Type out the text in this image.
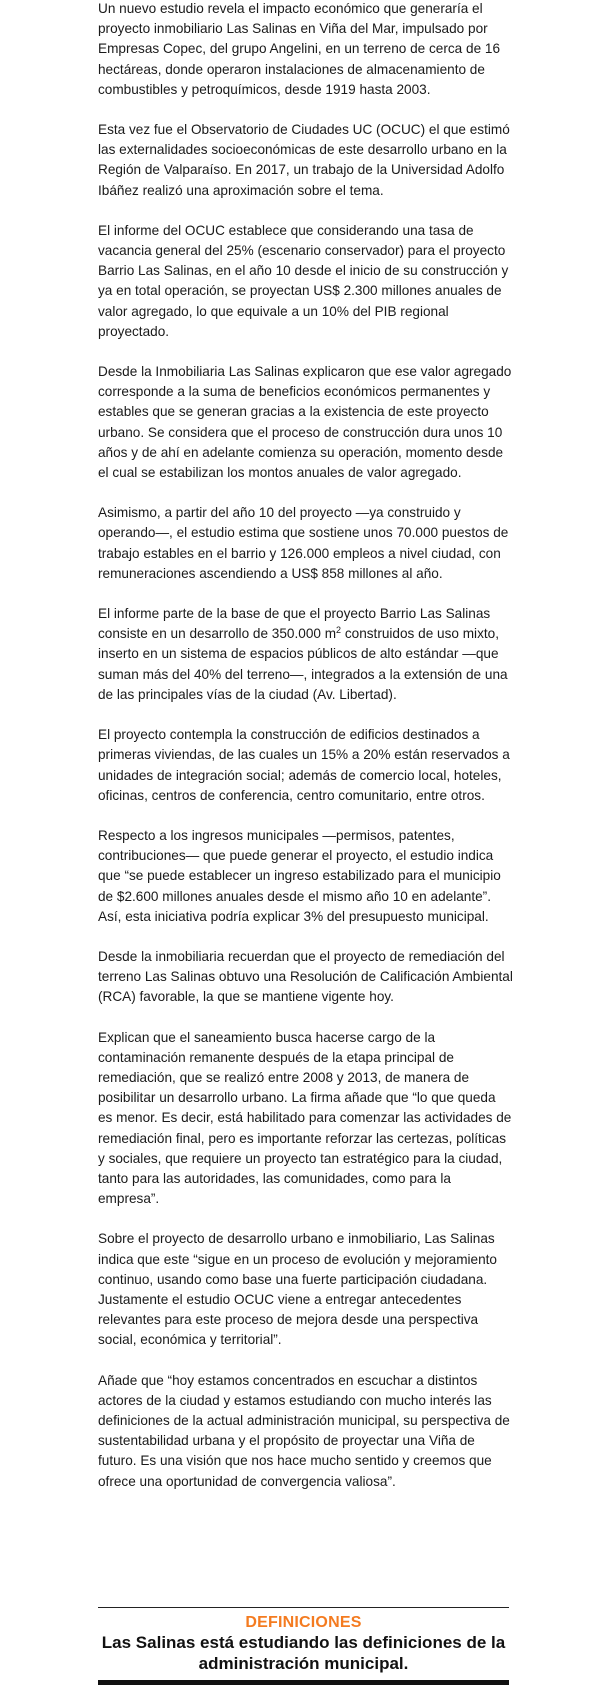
Un nuevo estudio revela el impacto económico que generaría el proyecto inmobiliario Las Salinas en Viña del Mar, impulsado por Empresas Copec, del grupo Angelini, en un terreno de cerca de 16 hectáreas, donde operaron instalaciones de almacenamiento de combustibles y petroquímicos, desde 1919 hasta 2003.

Esta vez fue el Observatorio de Ciudades UC (OCUC) el que estimó las externalidades socioeconómicas de este desarrollo urbano en la Región de Valparaíso. En 2017, un trabajo de la Universidad Adolfo Ibáñez realizó una aproximación sobre el tema.

El informe del OCUC establece que considerando una tasa de vacancia general del 25% (escenario conservador) para el proyecto Barrio Las Salinas, en el año 10 desde el inicio de su construcción y ya en total operación, se proyectan US$ 2.300 millones anuales de valor agregado, lo que equivale a un 10% del PIB regional proyectado.

Desde la Inmobiliaria Las Salinas explicaron que ese valor agregado corresponde a la suma de beneficios económicos permanentes y estables que se generan gracias a la existencia de este proyecto urbano. Se considera que el proceso de construcción dura unos 10 años y de ahí en adelante comienza su operación, momento desde el cual se estabilizan los montos anuales de valor agregado.

Asimismo, a partir del año 10 del proyecto —ya construido y operando—, el estudio estima que sostiene unos 70.000 puestos de trabajo estables en el barrio y 126.000 empleos a nivel ciudad, con remuneraciones ascendiendo a US$ 858 millones al año.

El informe parte de la base de que el proyecto Barrio Las Salinas consiste en un desarrollo de 350.000 $m^2$ construidos de uso mixto, inserto en un sistema de espacios públicos de alto estándar —que suman más del 40% del terreno—, integrados a la extensión de una de las principales vías de la ciudad (Av. Libertad).

El proyecto contempla la construcción de edificios destinados a primeras viviendas, de las cuales un 15% a 20% están reservados a unidades de integración social; además de comercio local, hoteles, oficinas, centros de conferencia, centro comunitario, entre otros.

Respecto a los ingresos municipales —permisos, patentes, contribuciones— que puede generar el proyecto, el estudio indica que “se puede establecer un ingreso estabilizado para el municipio de $2.600 millones anuales desde el mismo año 10 en adelante”. Así, esta iniciativa podría explicar 3% del presupuesto municipal.

Desde la inmobiliaria recuerdan que el proyecto de remediación del terreno Las Salinas obtuvo una Resolución de Calificación Ambiental (RCA) favorable, la que se mantiene vigente hoy.

Explican que el saneamiento busca hacerse cargo de la contaminación remanente después de la etapa principal de remediación, que se realizó entre 2008 y 2013, de manera de posibilitar un desarrollo urbano. La firma añade que “lo que queda es menor. Es decir, está habilitado para comenzar las actividades de remediación final, pero es importante reforzar las certezas, políticas y sociales, que requiere un proyecto tan estratégico para la ciudad, tanto para las autoridades, las comunidades, como para la empresa”.

Sobre el proyecto de desarrollo urbano e inmobiliario, Las Salinas indica que este “sigue en un proceso de evolución y mejoramiento continuo, usando como base una fuerte participación ciudadana. Justamente el estudio OCUC viene a entregar antecedentes relevantes para este proceso de mejora desde una perspectiva social, económica y territorial”.

Añade que “hoy estamos concentrados en escuchar a distintos actores de la ciudad y estamos estudiando con mucho interés las definiciones de la actual administración municipal, su perspectiva de sustentabilidad urbana y el propósito de proyectar una Viña de futuro. Es una visión que nos hace mucho sentido y creemos que ofrece una oportunidad de convergencia valiosa”.

DEFINICIONES
Las Salinas está estudiando las definiciones de la administración municipal.
